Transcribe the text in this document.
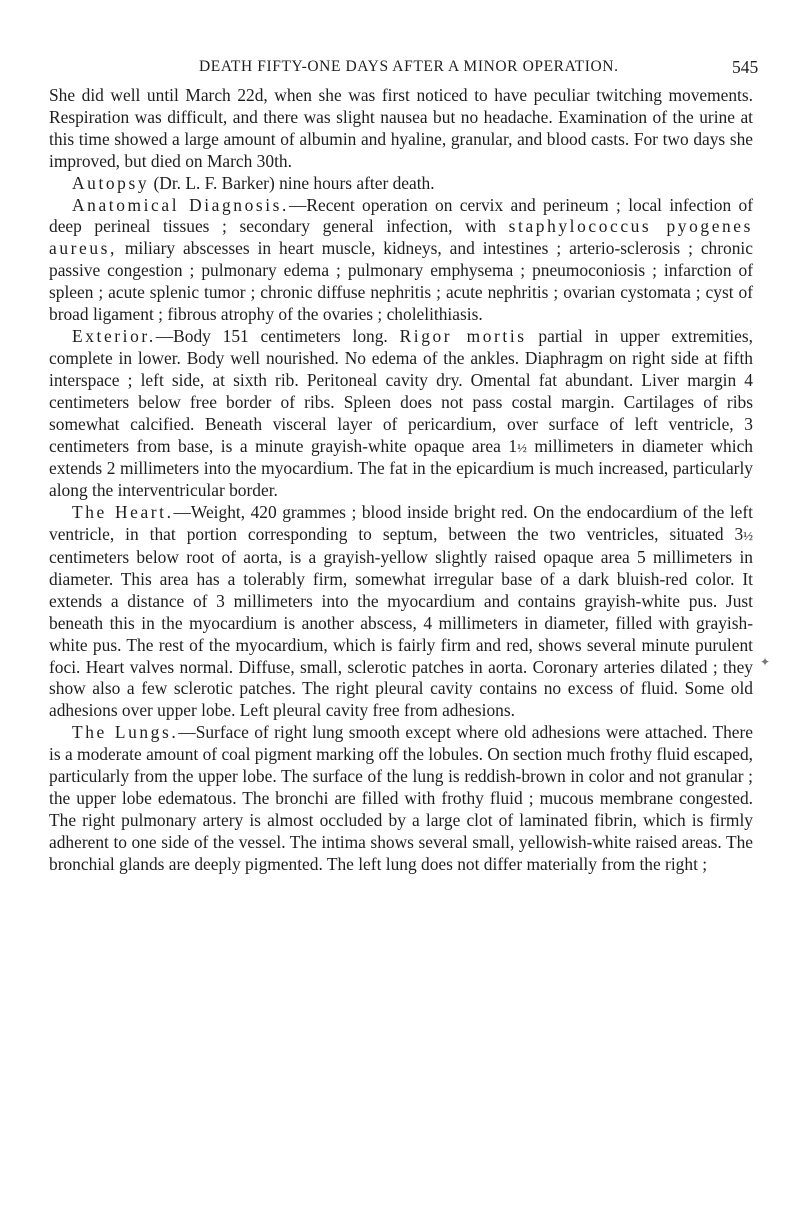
DEATH FIFTY-ONE DAYS AFTER A MINOR OPERATION.	545

She did well until March 22d, when she was first noticed to have peculiar twitching movements. Respiration was difficult, and there was slight nausea but no headache. Examination of the urine at this time showed a large amount of albumin and hyaline, granular, and blood casts. For two days she improved, but died on March 30th.

Autopsy (Dr. L. F. Barker) nine hours after death.

Anatomical Diagnosis.—Recent operation on cervix and perineum ; local infection of deep perineal tissues ; secondary general infection, with staphylococcus pyogenes aureus, miliary abscesses in heart muscle, kidneys, and intestines ; arterio-sclerosis ; chronic passive congestion ; pulmonary edema ; pulmonary emphysema ; pneumoconiosis ; infarction of spleen ; acute splenic tumor ; chronic diffuse nephritis ; acute nephritis ; ovarian cystomata ; cyst of broad ligament ; fibrous atrophy of the ovaries ; cholelithiasis.

Exterior.—Body 151 centimeters long. Rigor mortis partial in upper extremities, complete in lower. Body well nourished. No edema of the ankles. Diaphragm on right side at fifth interspace ; left side, at sixth rib. Peritoneal cavity dry. Omental fat abundant. Liver margin 4 centimeters below free border of ribs. Spleen does not pass costal margin. Cartilages of ribs somewhat calcified. Beneath visceral layer of pericardium, over surface of left ventricle, 3 centimeters from base, is a minute grayish-white opaque area 1½ millimeters in diameter which extends 2 millimeters into the myocardium. The fat in the epicardium is much increased, particularly along the interventricular border.

The Heart.—Weight, 420 grammes ; blood inside bright red. On the endocardium of the left ventricle, in that portion corresponding to septum, between the two ventricles, situated 3½ centimeters below root of aorta, is a grayish-yellow slightly raised opaque area 5 millimeters in diameter. This area has a tolerably firm, somewhat irregular base of a dark bluish-red color. It extends a distance of 3 millimeters into the myocardium and contains grayish-white pus. Just beneath this in the myocardium is another abscess, 4 millimeters in diameter, filled with grayish-white pus. The rest of the myocardium, which is fairly firm and red, shows several minute purulent foci. Heart valves normal. Diffuse, small, sclerotic patches in aorta. Coronary arteries dilated ; they show also a few sclerotic patches. The right pleural cavity contains no excess of fluid. Some old adhesions over upper lobe. Left pleural cavity free from adhesions.

The Lungs.—Surface of right lung smooth except where old adhesions were attached. There is a moderate amount of coal pigment marking off the lobules. On section much frothy fluid escaped, particularly from the upper lobe. The surface of the lung is reddish-brown in color and not granular ; the upper lobe edematous. The bronchi are filled with frothy fluid ; mucous membrane congested. The right pulmonary artery is almost occluded by a large clot of laminated fibrin, which is firmly adherent to one side of the vessel. The intima shows several small, yellowish-white raised areas. The bronchial glands are deeply pigmented. The left lung does not differ materially from the right ;

✦
